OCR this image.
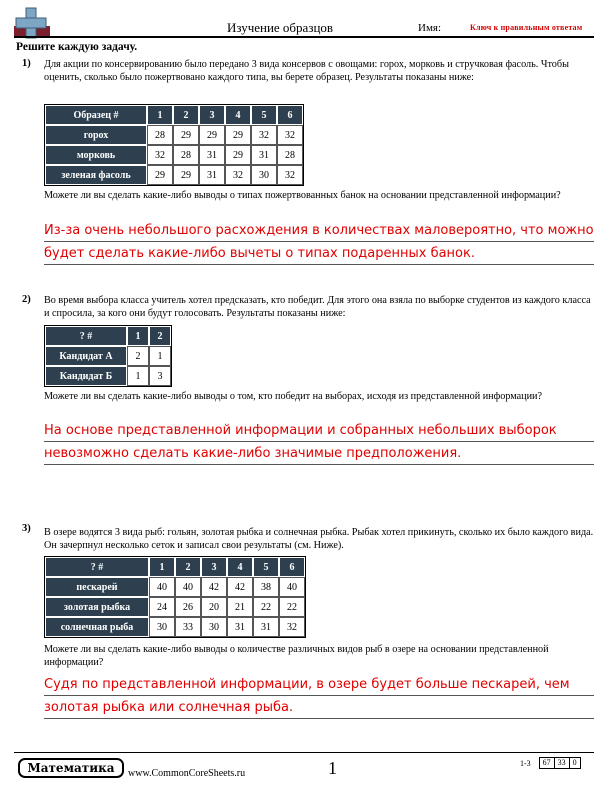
Изучение образцов	Имя:	Ключ к правильным ответам
Решите каждую задачу.
1) Для акции по консервированию было передано 3 вида консервов с овощами: горох, морковь и стручковая фасоль. Чтобы оценить, сколько было пожертвовано каждого типа, вы берете образец. Результаты показаны ниже:
Образец #	1	2	3	4	5	6
горох	28	29	29	29	32	32
морковь	32	28	31	29	31	28
зеленая фасоль	29	29	31	32	30	32
Можете ли вы сделать какие-либо выводы о типах пожертвованных банок на основании представленной информации?
Из-за очень небольшого расхождения в количествах маловероятно, что можно
будет сделать какие-либо вычеты о типах подаренных банок.
2) Во время выбора класса учитель хотел предсказать, кто победит. Для этого она взяла по выборке студентов из каждого класса и спросила, за кого они будут голосовать. Результаты показаны ниже:
? #	1	2
Кандидат А	2	1
Кандидат Б	1	3
Можете ли вы сделать какие-либо выводы о том, кто победит на выборах, исходя из представленной информации?
На основе представленной информации и собранных небольших выборок
невозможно сделать какие-либо значимые предположения.
3) В озере водятся 3 вида рыб: гольян, золотая рыбка и солнечная рыбка. Рыбак хотел прикинуть, сколько их было каждого вида. Он зачерпнул несколько сеток и записал свои результаты (см. Ниже).
? #	1	2	3	4	5	6
пескарей	40	40	42	42	38	40
золотая рыбка	24	26	20	21	22	22
солнечная рыба	30	33	30	31	31	32
Можете ли вы сделать какие-либо выводы о количестве различных видов рыб в озере на основании представленной информации?
Судя по представленной информации, в озере будет больше пескарей, чем
золотая рыбка или солнечная рыба.
Математика	www.CommonCoreSheets.ru	1	1-3	67 33 0
